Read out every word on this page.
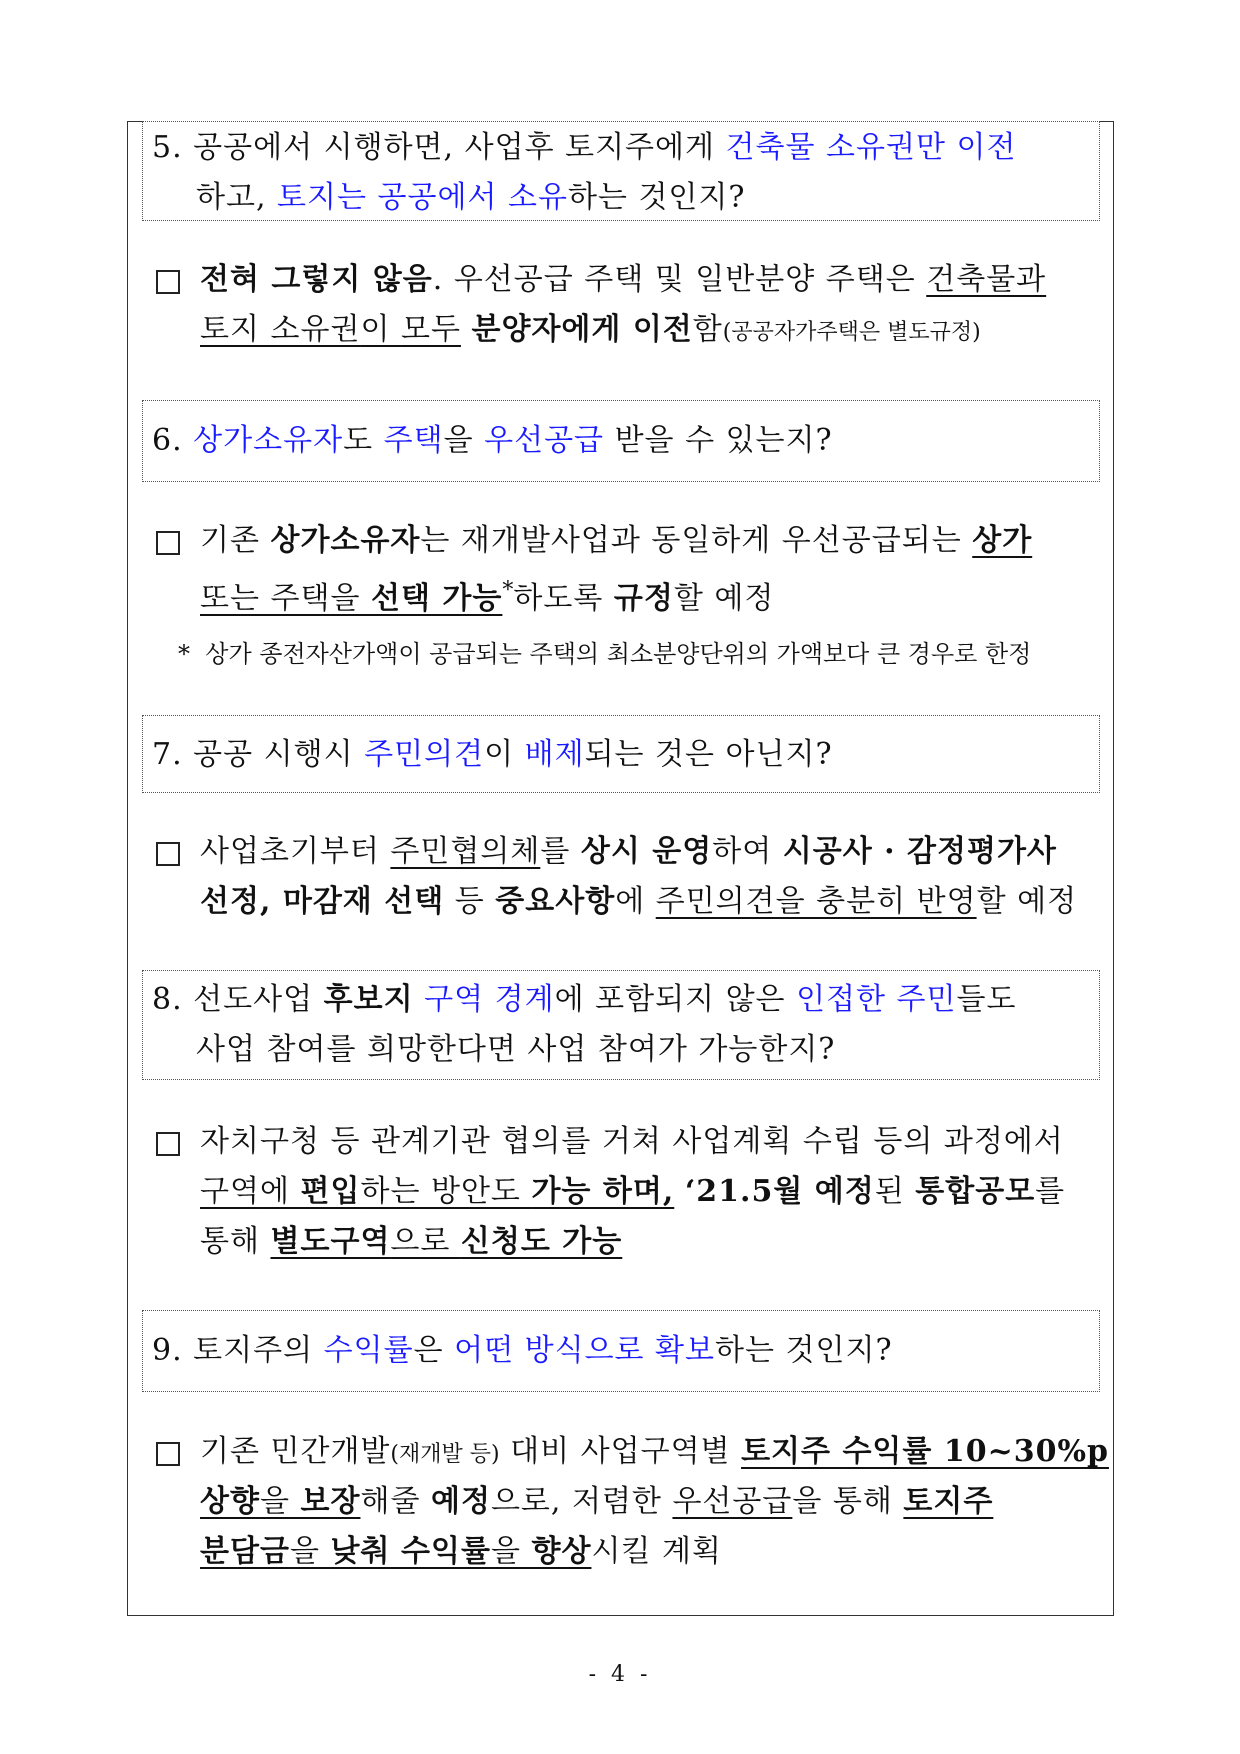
5. 공공에서 시행하면, 사업후 토지주에게 건축물 소유권만 이전
하고, 토지는 공공에서 소유하는 것인지?
전혀 그렇지 않음. 우선공급 주택 및 일반분양 주택은 건축물과
토지 소유권이 모두 분양자에게 이전함(공공자가주택은 별도규정)
6. 상가소유자도 주택을 우선공급 받을 수 있는지?
기존 상가소유자는 재개발사업과 동일하게 우선공급되는 상가
또는 주택을 선택 가능*하도록 규정할 예정
*  상가 종전자산가액이 공급되는 주택의 최소분양단위의 가액보다 큰 경우로 한정
7. 공공 시행시 주민의견이 배제되는 것은 아닌지?
사업초기부터 주민협의체를 상시 운영하여 시공사 · 감정평가사
선정, 마감재 선택 등 중요사항에 주민의견을 충분히 반영할 예정
8. 선도사업 후보지 구역 경계에 포함되지 않은 인접한 주민들도
사업 참여를 희망한다면 사업 참여가 가능한지?
자치구청 등 관계기관 협의를 거쳐 사업계획 수립 등의 과정에서
구역에 편입하는 방안도 가능 하며, ‘21.5월 예정된 통합공모를
통해 별도구역으로 신청도 가능
9. 토지주의 수익률은 어떤 방식으로 확보하는 것인지?
기존 민간개발(재개발 등) 대비 사업구역별 토지주 수익률 10~30%p
상향을 보장해줄 예정으로, 저렴한 우선공급을 통해 토지주
분담금을 낮춰 수익률을 향상시킬 계획
- 4 -
